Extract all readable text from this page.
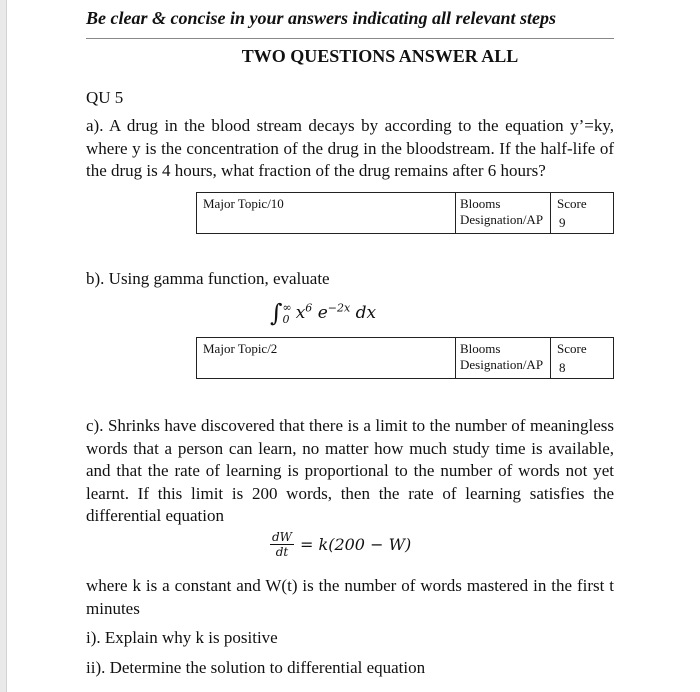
Be clear & concise in your answers indicating all relevant steps
TWO QUESTIONS ANSWER ALL
QU 5
a). A drug in the blood stream decays by according to the equation y’=ky, where y is the concentration of the drug in the bloodstream. If the half-life of the drug is 4 hours, what fraction of the drug remains after 6 hours?
Major Topic/10	Blooms
Designation/AP
Score
9
b). Using gamma function, evaluate
∫ ∞
0 $x^6$ $e^{-2x}$ dx
Major Topic/2	Blooms
Designation/AP
Score
8
c). Shrinks have discovered that there is a limit to the number of meaningless words that a person can learn, no matter how much study time is available, and that the rate of learning is proportional to the number of words not yet learnt. If this limit is 200 words, then the rate of learning satisfies the differential equation
$\frac{dW}{dt} = k(200 - W)$
where k is a constant and W(t) is the number of words mastered in the first t minutes
i). Explain why k is positive
ii). Determine the solution to differential equation
